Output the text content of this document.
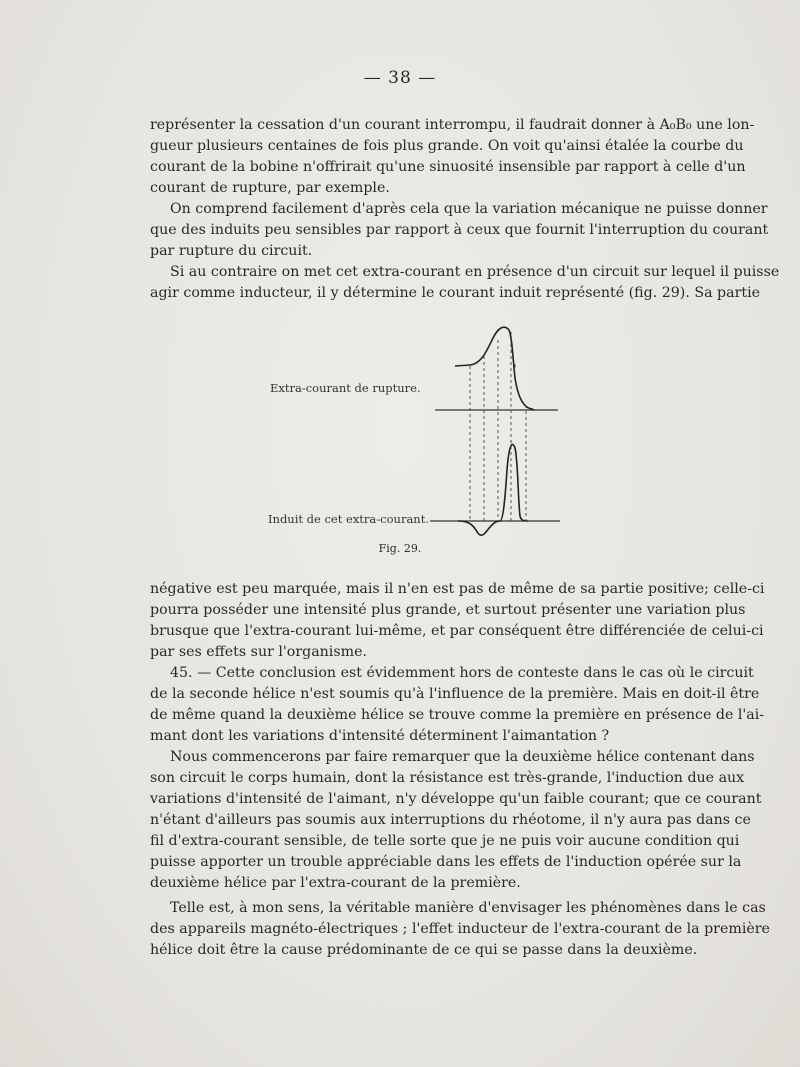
— 38 —
représenter la cessation d'un courant interrompu, il faudrait donner à A₀B₀ une lon-
gueur plusieurs centaines de fois plus grande. On voit qu'ainsi étalée la courbe du
courant de la bobine n'offrirait qu'une sinuosité insensible par rapport à celle d'un
courant de rupture, par exemple.
On comprend facilement d'après cela que la variation mécanique ne puisse donner
que des induits peu sensibles par rapport à ceux que fournit l'interruption du courant
par rupture du circuit.
Si au contraire on met cet extra-courant en présence d'un circuit sur lequel il puisse
agir comme inducteur, il y détermine le courant induit représenté (fig. 29). Sa partie
l
Extra-courant de rupture.
Induit de cet extra-courant.
Fig. 29.
négative est peu marquée, mais il n'en est pas de même de sa partie positive; celle-ci
pourra posséder une intensité plus grande, et surtout présenter une variation plus
brusque que l'extra-courant lui-même, et par conséquent être différenciée de celui-ci
par ses effets sur l'organisme.
45. — Cette conclusion est évidemment hors de conteste dans le cas où le circuit
de la seconde hélice n'est soumis qu'à l'influence de la première. Mais en doit-il être
de même quand la deuxième hélice se trouve comme la première en présence de l'ai-
mant dont les variations d'intensité déterminent l'aimantation ?
Nous commencerons par faire remarquer que la deuxième hélice contenant dans
son circuit le corps humain, dont la résistance est très-grande, l'induction due aux
variations d'intensité de l'aimant, n'y développe qu'un faible courant; que ce courant
n'étant d'ailleurs pas soumis aux interruptions du rhéotome, il n'y aura pas dans ce
fil d'extra-courant sensible, de telle sorte que je ne puis voir aucune condition qui
puisse apporter un trouble appréciable dans les effets de l'induction opérée sur la
deuxième hélice par l'extra-courant de la première.
Telle est, à mon sens, la véritable manière d'envisager les phénomènes dans le cas
des appareils magnéto-électriques ; l'effet inducteur de l'extra-courant de la première
hélice doit être la cause prédominante de ce qui se passe dans la deuxième.
